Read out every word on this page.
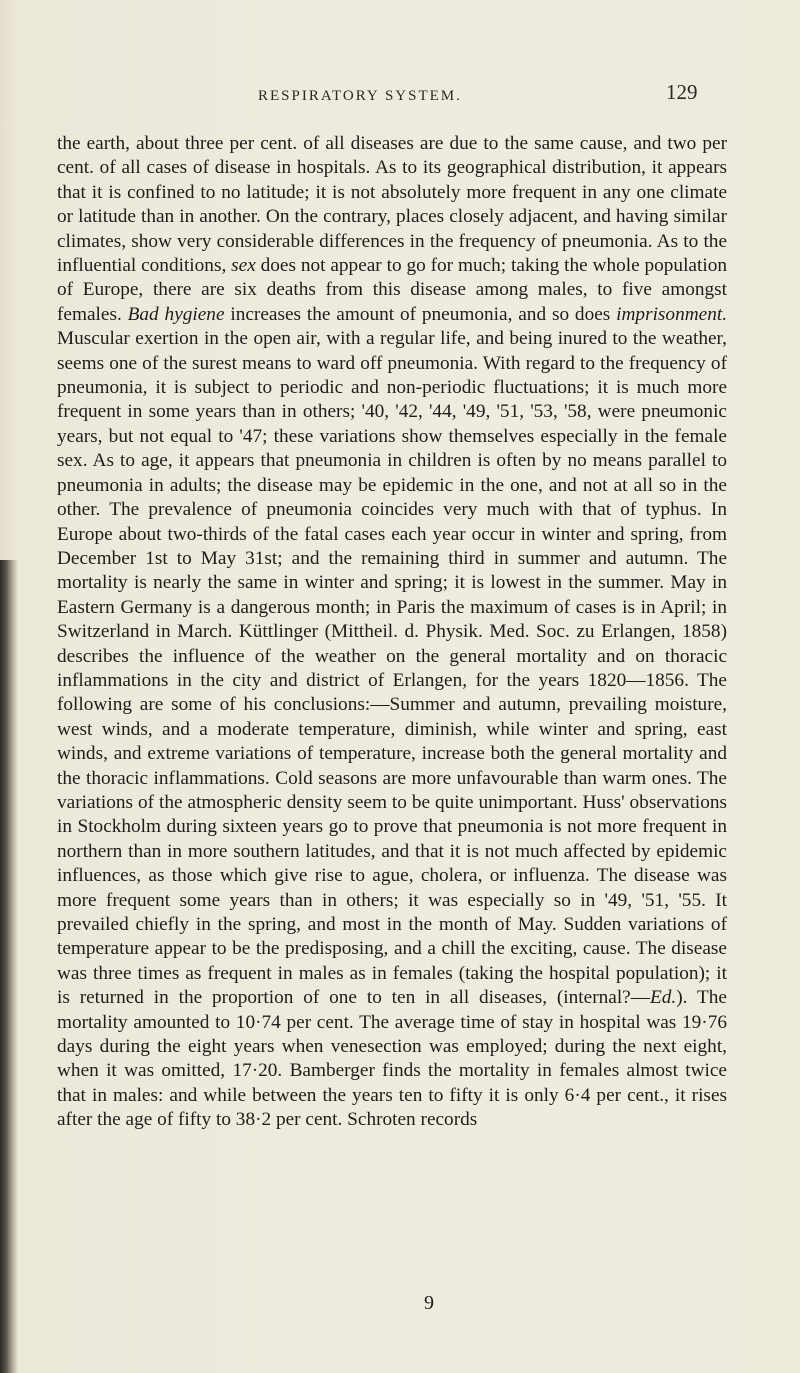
RESPIRATORY SYSTEM.	129

the earth, about three per cent. of all diseases are due to the same cause, and two per cent. of all cases of disease in hospitals. As to its geographical distribution, it appears that it is confined to no latitude; it is not absolutely more frequent in any one climate or latitude than in another. On the contrary, places closely adjacent, and having similar climates, show very considerable differences in the frequency of pneumonia. As to the influential conditions, sex does not appear to go for much; taking the whole population of Europe, there are six deaths from this disease among males, to five amongst females. Bad hygiene increases the amount of pneumonia, and so does imprisonment. Muscular exertion in the open air, with a regular life, and being inured to the weather, seems one of the surest means to ward off pneumonia. With regard to the frequency of pneumonia, it is subject to periodic and non-periodic fluctuations; it is much more frequent in some years than in others; '40, '42, '44, '49, '51, '53, '58, were pneumonic years, but not equal to '47; these variations show themselves especially in the female sex. As to age, it appears that pneumonia in children is often by no means parallel to pneumonia in adults; the disease may be epidemic in the one, and not at all so in the other. The prevalence of pneumonia coincides very much with that of typhus. In Europe about two-thirds of the fatal cases each year occur in winter and spring, from December 1st to May 31st; and the remaining third in summer and autumn. The mortality is nearly the same in winter and spring; it is lowest in the summer. May in Eastern Germany is a dangerous month; in Paris the maximum of cases is in April; in Switzerland in March. Küttlinger (Mittheil. d. Physik. Med. Soc. zu Erlangen, 1858) describes the influence of the weather on the general mortality and on thoracic inflammations in the city and district of Erlangen, for the years 1820—1856. The following are some of his conclusions:—Summer and autumn, prevailing moisture, west winds, and a moderate temperature, diminish, while winter and spring, east winds, and extreme variations of temperature, increase both the general mortality and the thoracic inflammations. Cold seasons are more unfavourable than warm ones. The variations of the atmospheric density seem to be quite unimportant. Huss' observations in Stockholm during sixteen years go to prove that pneumonia is not more frequent in northern than in more southern latitudes, and that it is not much affected by epidemic influences, as those which give rise to ague, cholera, or influenza. The disease was more frequent some years than in others; it was especially so in '49, '51, '55. It prevailed chiefly in the spring, and most in the month of May. Sudden variations of temperature appear to be the predisposing, and a chill the exciting, cause. The disease was three times as frequent in males as in females (taking the hospital population); it is returned in the proportion of one to ten in all diseases, (internal?—Ed.). The mortality amounted to 10·74 per cent. The average time of stay in hospital was 19·76 days during the eight years when venesection was employed; during the next eight, when it was omitted, 17·20. Bamberger finds the mortality in females almost twice that in males: and while between the years ten to fifty it is only 6·4 per cent., it rises after the age of fifty to 38·2 per cent. Schroten records

9
